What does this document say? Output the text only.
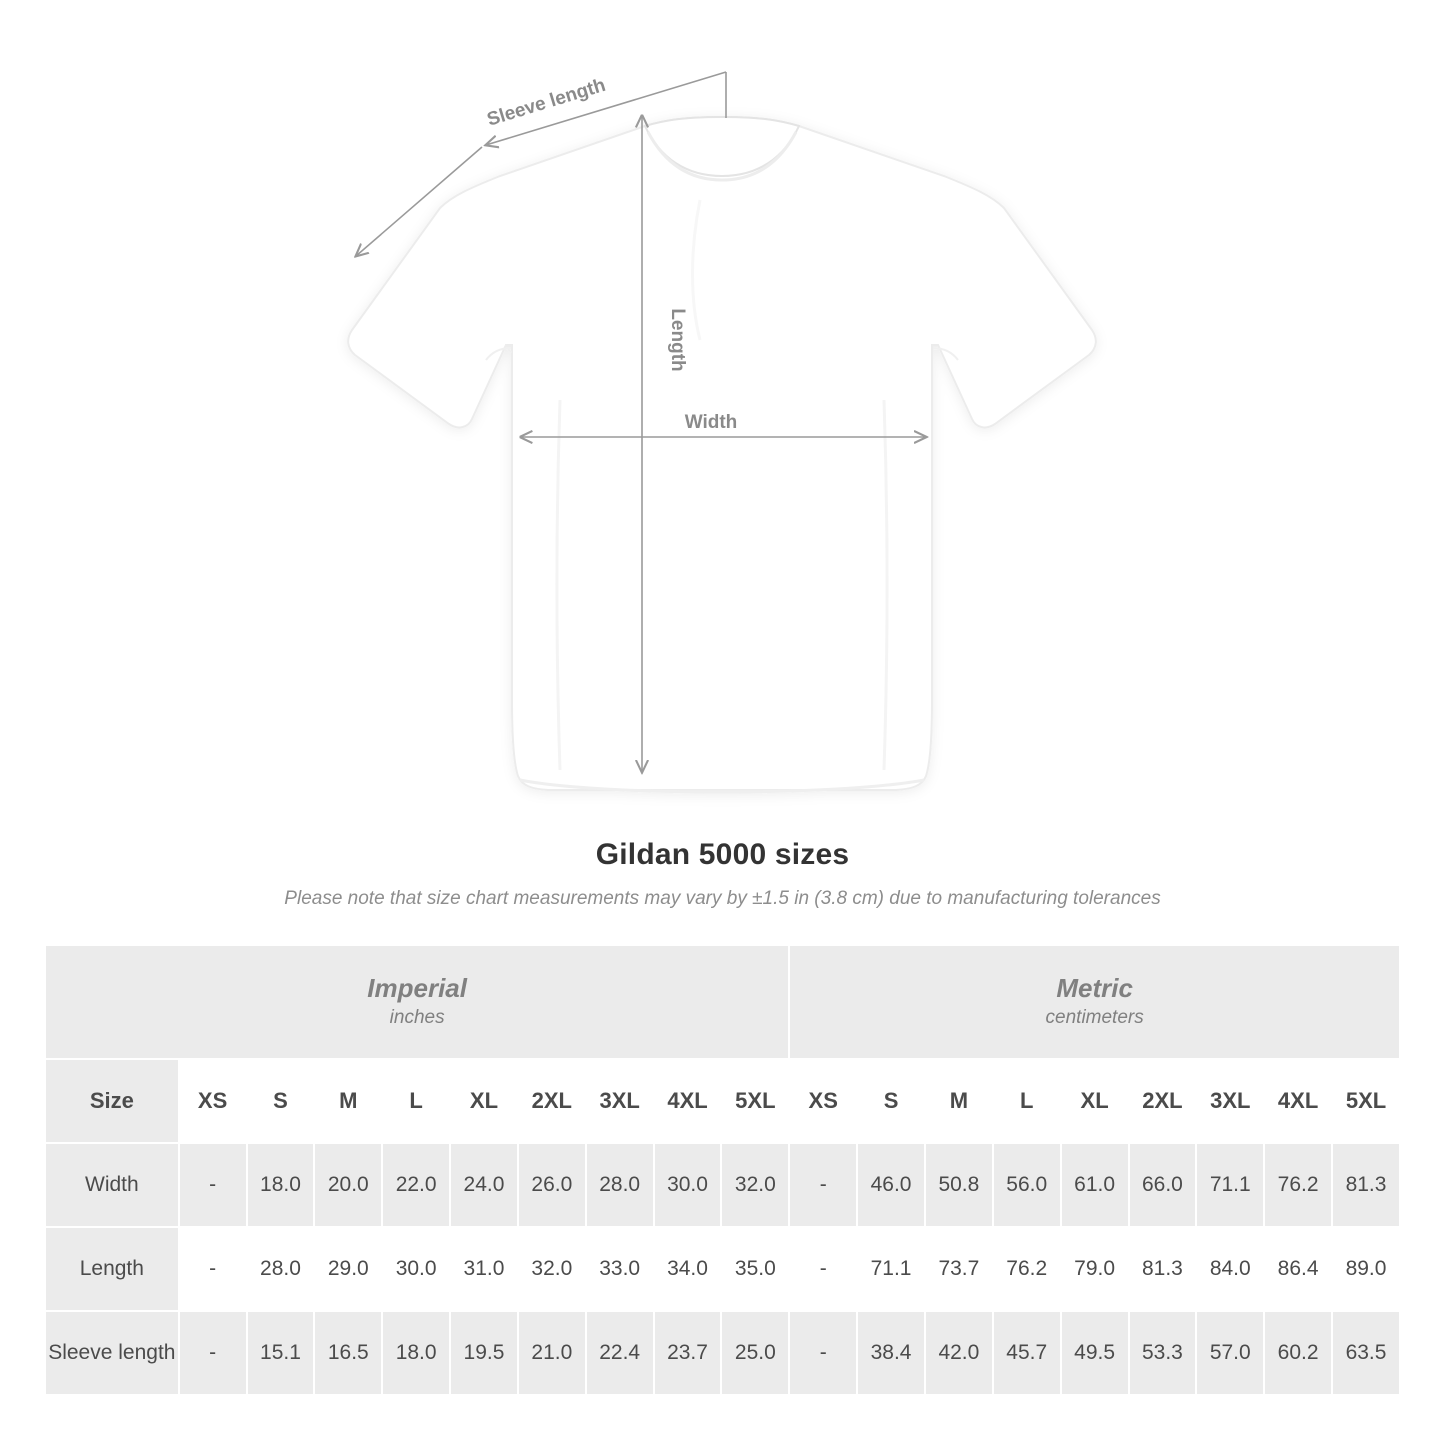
Sleeve length
Length
Width
Gildan 5000 sizes
Please note that size chart measurements may vary by ±1.5 in (3.8 cm) due to manufacturing tolerances
Imperial
inches

Metric
centimeters

Size	XS	S	M	L	XL	2XL	3XL	4XL	5XL	XS	S	M	L	XL	2XL	3XL	4XL	5XL
Width	-	18.0	20.0	22.0	24.0	26.0	28.0	30.0	32.0	-	46.0	50.8	56.0	61.0	66.0	71.1	76.2	81.3
Length	-	28.0	29.0	30.0	31.0	32.0	33.0	34.0	35.0	-	71.1	73.7	76.2	79.0	81.3	84.0	86.4	89.0
Sleeve length	-	15.1	16.5	18.0	19.5	21.0	22.4	23.7	25.0	-	38.4	42.0	45.7	49.5	53.3	57.0	60.2	63.5
